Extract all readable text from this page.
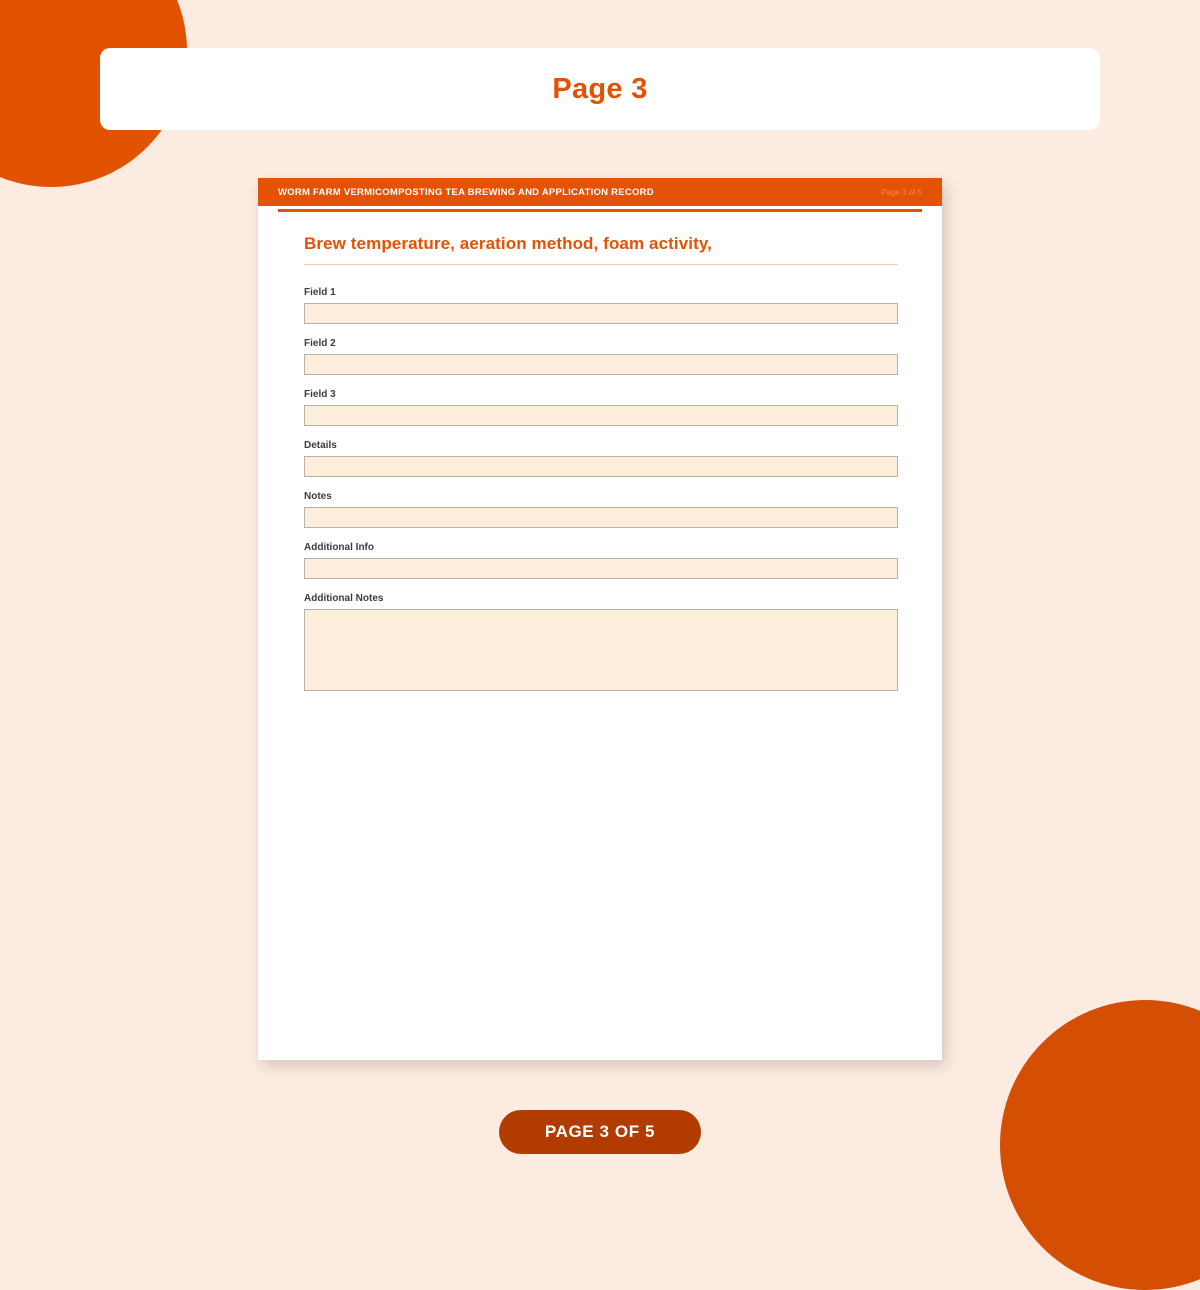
Page 3
WORM FARM VERMICOMPOSTING TEA BREWING AND APPLICATION RECORD	Page 3 of 5
Brew temperature, aeration method, foam activity,
Field 1
Field 2
Field 3
Details
Notes
Additional Info
Additional Notes
PAGE 3 OF 5
